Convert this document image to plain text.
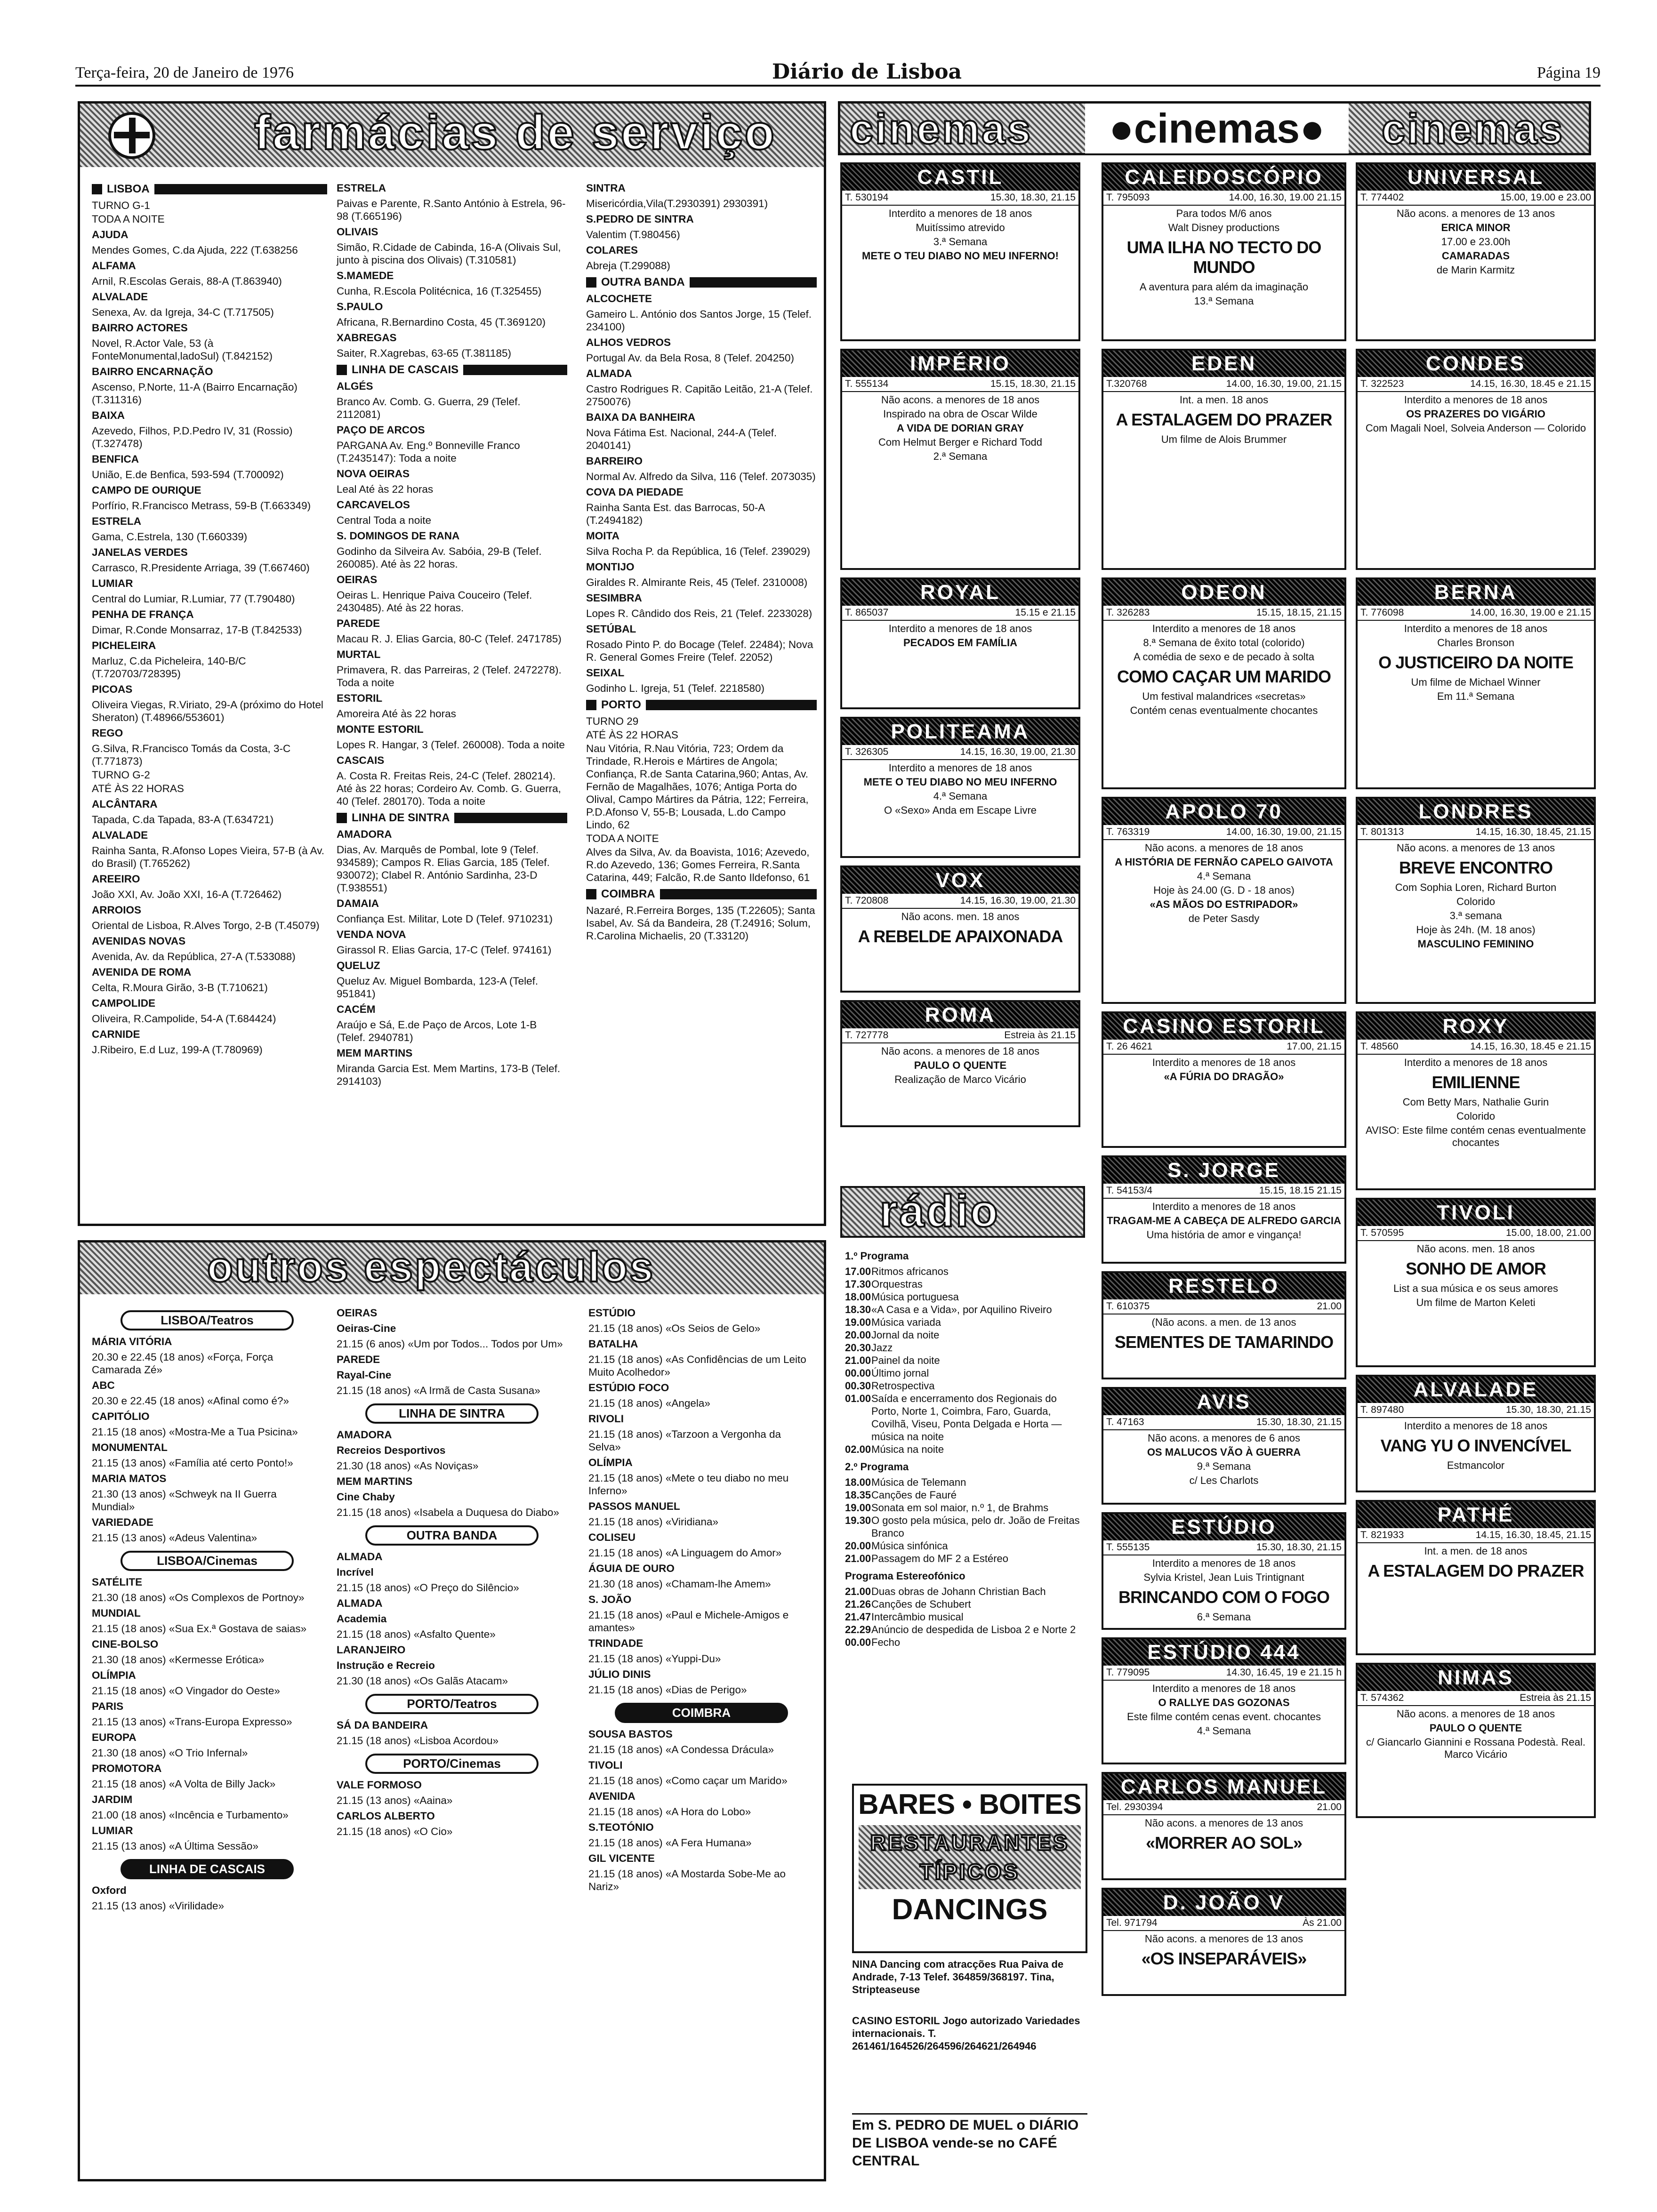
Terça-feira, 20 de Janeiro de 1976	Diário de Lisboa	Página 19
farmácias de serviço
LISBOA

TURNO G-1

TODA A NOITE

AJUDA

Mendes Gomes, C.da Ajuda, 222 (T.638256

ALFAMA

Arnil, R.Escolas Gerais, 88-A (T.863940)

ALVALADE

Senexa, Av. da Igreja, 34-C (T.717505)

BAIRRO ACTORES

Novel, R.Actor Vale, 53 (à FonteMonumental,ladoSul) (T.842152)

BAIRRO ENCARNAÇÃO

Ascenso, P.Norte, 11-A (Bairro Encarnação) (T.311316)

BAIXA

Azevedo, Filhos, P.D.Pedro IV, 31 (Rossio) (T.327478)

BENFICA

União, E.de Benfica, 593-594 (T.700092)

CAMPO DE OURIQUE

Porfírio, R.Francisco Metrass, 59-B (T.663349)

ESTRELA

Gama, C.Estrela, 130 (T.660339)

JANELAS VERDES

Carrasco, R.Presidente Arriaga, 39 (T.667460)

LUMIAR

Central do Lumiar, R.Lumiar, 77 (T.790480)

PENHA DE FRANÇA

Dimar, R.Conde Monsarraz, 17-B (T.842533)

PICHELEIRA

Marluz, C.da Picheleira, 140-B/C (T.720703/728395)

PICOAS

Oliveira Viegas, R.Viriato, 29-A (próximo do Hotel Sheraton) (T.48966/553601)

REGO

G.Silva, R.Francisco Tomás da Costa, 3-C (T.771873)

TURNO G-2

ATÉ ÀS 22 HORAS

ALCÂNTARA

Tapada, C.da Tapada, 83-A (T.634721)

ALVALADE

Rainha Santa, R.Afonso Lopes Vieira, 57-B (à Av. do Brasil) (T.765262)

AREEIRO

João XXI, Av. João XXI, 16-A (T.726462)

ARROIOS

Oriental de Lisboa, R.Alves Torgo, 2-B (T.45079)

AVENIDAS NOVAS

Avenida, Av. da República, 27-A (T.533088)

AVENIDA DE ROMA

Celta, R.Moura Girão, 3-B (T.710621)

CAMPOLIDE

Oliveira, R.Campolide, 54-A (T.684424)

CARNIDE

J.Ribeiro, E.d Luz, 199-A (T.780969)

ESTRELA

Paivas e Parente, R.Santo António à Estrela, 96-98 (T.665196)

OLIVAIS

Simão, R.Cidade de Cabinda, 16-A (Olivais Sul, junto à piscina dos Olivais) (T.310581)

S.MAMEDE

Cunha, R.Escola Politécnica, 16 (T.325455)

S.PAULO

Africana, R.Bernardino Costa, 45 (T.369120)

XABREGAS

Saiter, R.Xagrebas, 63-65 (T.381185)

LINHA DE CASCAIS

ALGÉS

Branco Av. Comb. G. Guerra, 29 (Telef. 2112081)

PAÇO DE ARCOS

PARGANA Av. Eng.º Bonneville Franco (T.2435147): Toda a noite

NOVA OEIRAS

Leal Até às 22 horas

CARCAVELOS

Central Toda a noite

S. DOMINGOS DE RANA

Godinho da Silveira Av. Sabóia, 29-B (Telef. 260085). Até às 22 horas.

OEIRAS

Oeiras L. Henrique Paiva Couceiro (Telef. 2430485). Até às 22 horas.

PAREDE

Macau R. J. Elias Garcia, 80-C (Telef. 2471785)

MURTAL

Primavera, R. das Parreiras, 2 (Telef. 2472278). Toda a noite

ESTORIL

Amoreira Até às 22 horas

MONTE ESTORIL

Lopes R. Hangar, 3 (Telef. 260008). Toda a noite

CASCAIS

A. Costa R. Freitas Reis, 24-C (Telef. 280214). Até às 22 horas; Cordeiro Av. Comb. G. Guerra, 40 (Telef. 280170). Toda a noite

LINHA DE SINTRA

AMADORA

Dias, Av. Marquês de Pombal, lote 9 (Telef. 934589); Campos R. Elias Garcia, 185 (Telef. 930072); Clabel R. António Sardinha, 23-D (T.938551)

DAMAIA

Confiança Est. Militar, Lote D (Telef. 9710231)

VENDA NOVA

Girassol R. Elias Garcia, 17-C (Telef. 974161)

QUELUZ

Queluz Av. Miguel Bombarda, 123-A (Telef. 951841)

CACÉM

Araújo e Sá, E.de Paço de Arcos, Lote 1-B (Telef. 2940781)

MEM MARTINS

Miranda Garcia Est. Mem Martins, 173-B (Telef. 2914103)

SINTRA

Misericórdia,Vila(T.2930391) 2930391)

S.PEDRO DE SINTRA

Valentim (T.980456)

COLARES

Abreja (T.299088)

OUTRA BANDA

ALCOCHETE

Gameiro L. António dos Santos Jorge, 15 (Telef. 234100)

ALHOS VEDROS

Portugal Av. da Bela Rosa, 8 (Telef. 204250)

ALMADA

Castro Rodrigues R. Capitão Leitão, 21-A (Telef. 2750076)

BAIXA DA BANHEIRA

Nova Fátima Est. Nacional, 244-A (Telef. 2040141)

BARREIRO

Normal Av. Alfredo da Silva, 116 (Telef. 2073035)

COVA DA PIEDADE

Rainha Santa Est. das Barrocas, 50-A (T.2494182)

MOITA

Silva Rocha P. da República, 16 (Telef. 239029)

MONTIJO

Giraldes R. Almirante Reis, 45 (Telef. 2310008)

SESIMBRA

Lopes R. Cândido dos Reis, 21 (Telef. 2233028)

SETÚBAL

Rosado Pinto P. do Bocage (Telef. 22484); Nova R. General Gomes Freire (Telef. 22052)

SEIXAL

Godinho L. Igreja, 51 (Telef. 2218580)

PORTO

TURNO 29

ATÉ ÀS 22 HORAS

Nau Vitória, R.Nau Vitória, 723; Ordem da Trindade, R.Herois e Mártires de Angola; Confiança, R.de Santa Catarina,960; Antas, Av. Fernão de Magalhães, 1076; Antiga Porta do Olival, Campo Mártires da Pátria, 122; Ferreira, P.D.Afonso V, 55-B; Lousada, L.do Campo Lindo, 62

TODA A NOITE

Alves da Silva, Av. da Boavista, 1016; Azevedo, R.do Azevedo, 136; Gomes Ferreira, R.Santa Catarina, 449; Falcão, R.de Santo Ildefonso, 61

COIMBRA

Nazaré, R.Ferreira Borges, 135 (T.22605); Santa Isabel, Av. Sá da Bandeira, 28 (T.24916; Solum, R.Carolina Michaelis, 20 (T.33120)

outros espectáculos
LISBOA/Teatros

MÁRIA VITÓRIA

20.30 e 22.45 (18 anos) «Força, Força Camarada Zé»

ABC

20.30 e 22.45 (18 anos) «Afinal como é?»

CAPITÓLIO

21.15 (18 anos) «Mostra-Me a Tua Psicina»

MONUMENTAL

21.15 (13 anos) «Família até certo Ponto!»

MARIA MATOS

21.30 (13 anos) «Schweyk na II Guerra Mundial»

VARIEDADE

21.15 (13 anos) «Adeus Valentina»

LISBOA/Cinemas

SATÉLITE

21.30 (18 anos) «Os Complexos de Portnoy»

MUNDIAL

21.15 (18 anos) «Sua Ex.ª Gostava de saias»

CINE-BOLSO

21.30 (18 anos) «Kermesse Erótica»

OLÍMPIA

21.15 (18 anos) «O Vingador do Oeste»

PARIS

21.15 (13 anos) «Trans-Europa Expresso»

EUROPA

21.30 (18 anos) «O Trio Infernal»

PROMOTORA

21.15 (18 anos) «A Volta de Billy Jack»

JARDIM

21.00 (18 anos) «Incência e Turbamento»

LUMIAR

21.15 (13 anos) «A Última Sessão»

LINHA DE CASCAIS

Oxford

21.15 (13 anos) «Virilidade»

OEIRAS

Oeiras-Cine

21.15 (6 anos) «Um por Todos... Todos por Um»

PAREDE

Rayal-Cine

21.15 (18 anos) «A Irmã de Casta Susana»

LINHA DE SINTRA

AMADORA

Recreios Desportivos

21.30 (18 anos) «As Noviças»

MEM MARTINS

Cine Chaby

21.15 (18 anos) «Isabela a Duquesa do Diabo»

OUTRA BANDA

ALMADA

Incrível

21.15 (18 anos) «O Preço do Silêncio»

ALMADA

Academia

21.15 (18 anos) «Asfalto Quente»

LARANJEIRO

Instrução e Recreio

21.30 (18 anos) «Os Galãs Atacam»

PORTO/Teatros

SÁ DA BANDEIRA

21.15 (18 anos) «Lisboa Acordou»

PORTO/Cinemas

VALE FORMOSO

21.15 (13 anos) «Aaina»

CARLOS ALBERTO

21.15 (18 anos) «O Cio»

ESTÚDIO

21.15 (18 anos) «Os Seios de Gelo»

BATALHA

21.15 (18 anos) «As Confidências de um Leito Muito Acolhedor»

ESTÚDIO FOCO

21.15 (18 anos) «Angela»

RIVOLI

21.15 (18 anos) «Tarzoon a Vergonha da Selva»

OLÍMPIA

21.15 (18 anos) «Mete o teu diabo no meu Inferno»

PASSOS MANUEL

21.15 (18 anos) «Viridiana»

COLISEU

21.15 (18 anos) «A Linguagem do Amor»

ÁGUIA DE OURO

21.30 (18 anos) «Chamam-lhe Amem»

S. JOÃO

21.15 (18 anos) «Paul e Michele-Amigos e amantes»

TRINDADE

21.15 (18 anos) «Yuppi-Du»

JÚLIO DINIS

21.15 (18 anos) «Dias de Perigo»

COIMBRA

SOUSA BASTOS

21.15 (18 anos) «A Condessa Drácula»

TIVOLI

21.15 (18 anos) «Como caçar um Marido»

AVENIDA

21.15 (18 anos) «A Hora do Lobo»

S.TEOTÓNIO

21.15 (18 anos) «A Fera Humana»

GIL VICENTE

21.15 (18 anos) «A Mostarda Sobe-Me ao Nariz»

cinemas	●cinemas●	cinemas
CASTIL
T. 530194	15.30, 18.30, 21.15
Interdito a menores de 18 anos
Muitíssimo atrevido
3.ª Semana
METE O TEU DIABO NO MEU INFERNO!
IMPÉRIO
T. 555134	15.15, 18.30, 21.15
Não acons. a menores de 18 anos
Inspirado na obra de Oscar Wilde
A VIDA DE DORIAN GRAY
Com Helmut Berger e Richard Todd
2.ª Semana
ROYAL
T. 865037	15.15 e 21.15
Interdito a menores de 18 anos
PECADOS EM FAMÍLIA
POLITEAMA
T. 326305	14.15, 16.30, 19.00, 21.30
Interdito a menores de 18 anos
METE O TEU DIABO NO MEU INFERNO
4.ª Semana
O «Sexo» Anda em Escape Livre
VOX
T. 720808	14.15, 16.30, 19.00, 21.30
Não acons. men. 18 anos
A REBELDE APAIXONADA
ROMA
T. 727778	Estreia às 21.15
Não acons. a menores de 18 anos
PAULO O QUENTE
Realização de Marco Vicário
CALEIDOSCÓPIO
T. 795093	14.00, 16.30, 19.00 21.15
Para todos M/6 anos
Walt Disney productions
UMA ILHA NO TECTO DO MUNDO
A aventura para além da imaginação
13.ª Semana
EDEN
T.320768	14.00, 16.30, 19.00, 21.15
Int. a men. 18 anos
A ESTALAGEM DO PRAZER
Um filme de Alois Brummer
ODEON
T. 326283	15.15, 18.15, 21.15
Interdito a menores de 18 anos
8.ª Semana de êxito total (colorido)
A comédia de sexo e de pecado à solta
COMO CAÇAR UM MARIDO
Um festival malandrices «secretas»
Contém cenas eventualmente chocantes
APOLO 70
T. 763319	14.00, 16.30, 19.00, 21.15
Não acons. a menores de 18 anos
A HISTÓRIA DE FERNÃO CAPELO GAIVOTA
4.ª Semana
Hoje às 24.00 (G. D - 18 anos)
«AS MÃOS DO ESTRIPADOR»
de Peter Sasdy
CASINO ESTORIL
T. 26 4621	17.00, 21.15
Interdito a menores de 18 anos
«A FÚRIA DO DRAGÃO»
S. JORGE
T. 54153/4	15.15, 18.15 21.15
Interdito a menores de 18 anos
TRAGAM-ME A CABEÇA DE ALFREDO GARCIA
Uma história de amor e vingança!
RESTELO
T. 610375	21.00
(Não acons. a men. de 13 anos
SEMENTES DE TAMARINDO
AVIS
T. 47163	15.30, 18.30, 21.15
Não acons. a menores de 6 anos
OS MALUCOS VÃO À GUERRA
9.ª Semana
c/ Les Charlots
ESTÚDIO
T. 555135	15.30, 18.30, 21.15
Interdito a menores de 18 anos
Sylvia Kristel, Jean Luis Trintignant
BRINCANDO COM O FOGO
6.ª Semana
ESTÚDIO 444
T. 779095	14.30, 16.45, 19 e 21.15 h
Interdito a menores de 18 anos
O RALLYE DAS GOZONAS
Este filme contém cenas event. chocantes
4.ª Semana
CARLOS MANUEL
Tel. 2930394	21.00
Não acons. a menores de 13 anos
«MORRER AO SOL»
D. JOÃO V
Tel. 971794	Às 21.00
Não acons. a menores de 13 anos
«OS INSEPARÁVEIS»
UNIVERSAL
T. 774402	15.00, 19.00 e 23.00
Não acons. a menores de 13 anos
ERICA MINOR
17.00 e 23.00h
CAMARADAS
de Marin Karmitz
CONDES
T. 322523	14.15, 16.30, 18.45 e 21.15
Interdito a menores de 18 anos
OS PRAZERES DO VIGÁRIO
Com Magali Noel, Solveia Anderson — Colorido
BERNA
T. 776098	14.00, 16.30, 19.00 e 21.15
Interdito a menores de 18 anos
Charles Bronson
O JUSTICEIRO DA NOITE
Um filme de Michael Winner
Em 11.ª Semana
LONDRES
T. 801313	14.15, 16.30, 18.45, 21.15
Não acons. a menores de 13 anos
BREVE ENCONTRO
Com Sophia Loren, Richard Burton
Colorido
3.ª semana
Hoje às 24h. (M. 18 anos)
MASCULINO FEMININO
ROXY
T. 48560	14.15, 16.30, 18.45 e 21.15
Interdito a menores de 18 anos
EMILIENNE
Com Betty Mars, Nathalie Gurin
Colorido
AVISO: Este filme contém cenas eventualmente chocantes
TIVOLI
T. 570595	15.00, 18.00, 21.00
Não acons. men. 18 anos
SONHO DE AMOR
List a sua música e os seus amores
Um filme de Marton Keleti
ALVALADE
T. 897480	15.30, 18.30, 21.15
Interdito a menores de 18 anos
VANG YU O INVENCÍVEL
Estmancolor
PATHÉ
T. 821933	14.15, 16.30, 18.45, 21.15
Int. a men. de 18 anos
A ESTALAGEM DO PRAZER
NIMAS
T. 574362	Estreia às 21.15
Não acons. a menores de 18 anos
PAULO O QUENTE
c/ Giancarlo Giannini e Rossana Podestà. Real. Marco Vicário
rádio
1.º Programa
17.00 Ritmos africanos
17.30 Orquestras
18.00 Música portuguesa
18.30 «A Casa e a Vida», por Aquilino Riveiro
19.00 Música variada
20.00 Jornal da noite
20.30 Jazz
21.00 Painel da noite
00.00 Último jornal
00.30 Retrospectiva
01.00 Saída e encerramento dos Regionais do Porto, Norte 1, Coimbra, Faro, Guarda, Covilhã, Viseu, Ponta Delgada e Horta — música na noite
02.00 Música na noite
2.º Programa
18.00 Música de Telemann
18.35 Canções de Fauré
19.00 Sonata em sol maior, n.º 1, de Brahms
19.30 O gosto pela música, pelo dr. João de Freitas Branco
20.00 Música sinfónica
21.00 Passagem do MF 2 a Estéreo
Programa Estereofónico
21.00 Duas obras de Johann Christian Bach
21.26 Canções de Schubert
21.47 Intercâmbio musical
22.29 Anúncio de despedida de Lisboa 2 e Norte 2
00.00 Fecho
BARES • BOITES
RESTAURANTES TÍPICOS
DANCINGS
NINA Dancing com atracções Rua Paiva de Andrade, 7-13 Telef. 364859/368197. Tina, Stripteaseuse
CASINO ESTORIL Jogo autorizado Variedades internacionais. T. 261461/164526/264596/264621/264946
Em S. PEDRO DE MUEL o DIÁRIO DE LISBOA vende-se no CAFÉ CENTRAL
